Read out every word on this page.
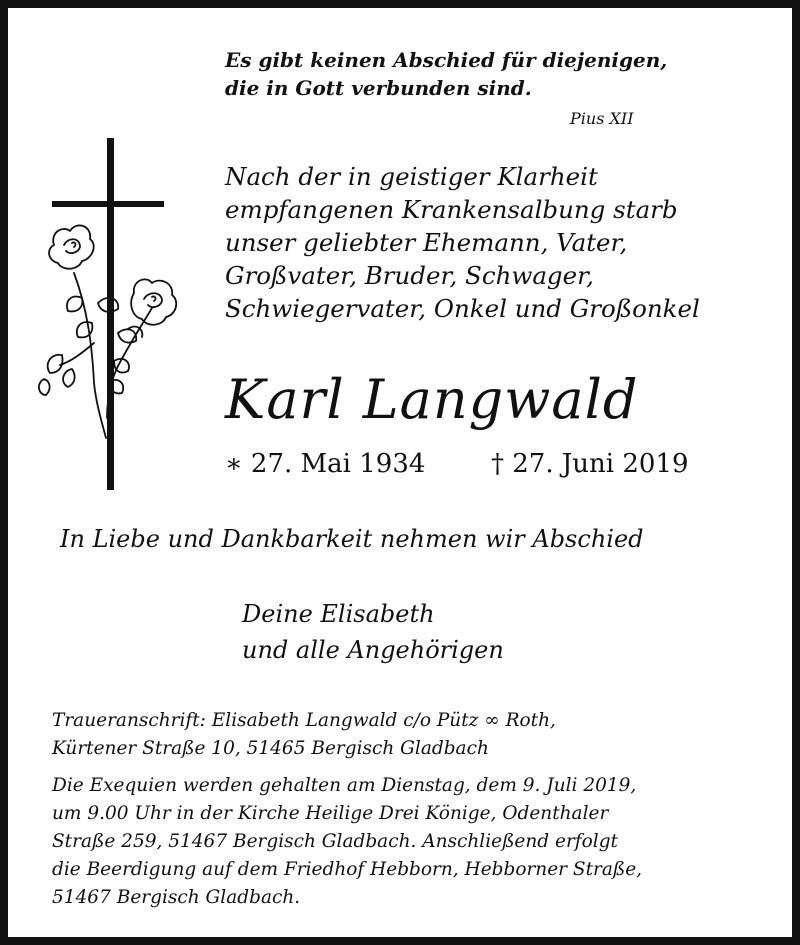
Es gibt keinen Abschied für diejenigen,
die in Gott verbunden sind.
Pius XII
Nach der in geistiger Klarheit
empfangenen Krankensalbung starb
unser geliebter Ehemann, Vater,
Großvater, Bruder, Schwager,
Schwiegervater, Onkel und Großonkel
Karl Langwald
∗ 27. Mai 1934	† 27. Juni 2019
In Liebe und Dankbarkeit nehmen wir Abschied
Deine Elisabeth
und alle Angehörigen
Traueranschrift: Elisabeth Langwald c/o Pütz ∞ Roth,
Kürtener Straße 10, 51465 Bergisch Gladbach
Die Exequien werden gehalten am Dienstag, dem 9. Juli 2019,
um 9.00 Uhr in der Kirche Heilige Drei Könige, Odenthaler
Straße 259, 51467 Bergisch Gladbach. Anschließend erfolgt
die Beerdigung auf dem Friedhof Hebborn, Hebborner Straße,
51467 Bergisch Gladbach.
